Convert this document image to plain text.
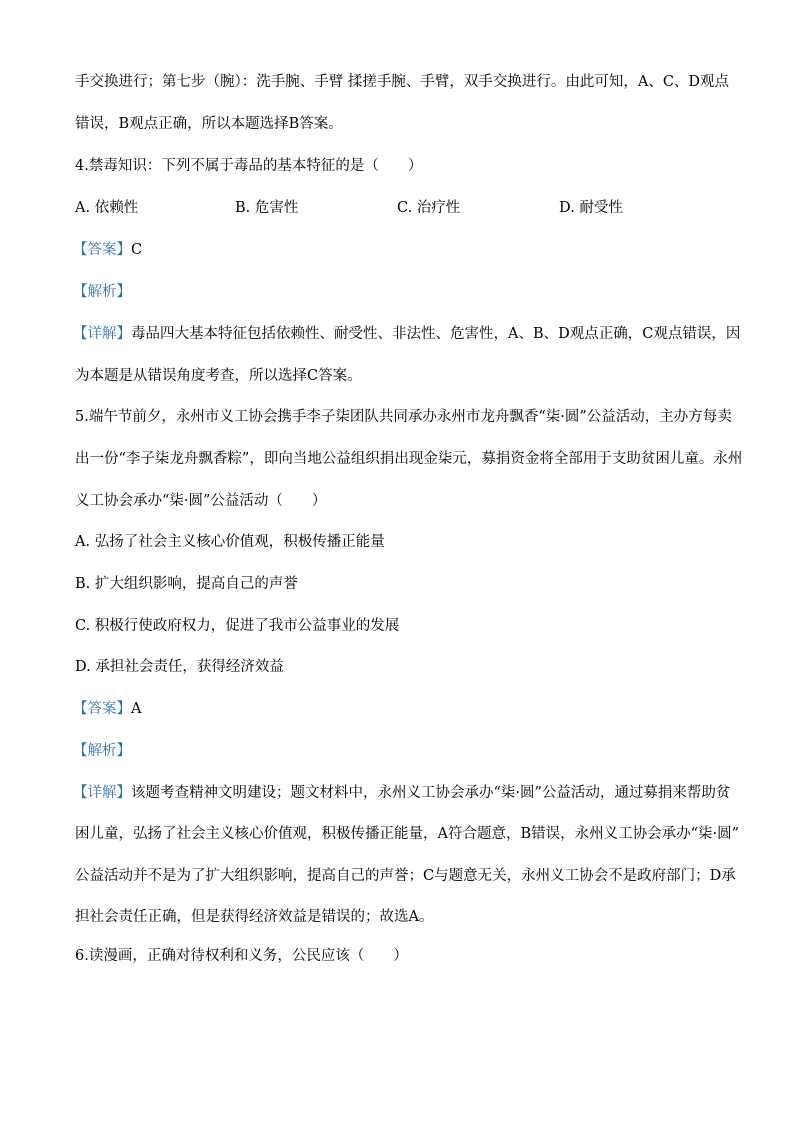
手交换进行；第七步（腕）：洗手腕、手臂 揉搓手腕、手臂，双手交换进行。由此可知，A、C、D观点
错误，B观点正确，所以本题选择B答案。
4.禁毒知识：下列不属于毒品的基本特征的是（　　）
A. 依赖性	B. 危害性	C. 治疗性	D. 耐受性
【答案】C
【解析】
【详解】毒品四大基本特征包括依赖性、耐受性、非法性、危害性，A、B、D观点正确，C观点错误，因
为本题是从错误角度考查，所以选择C答案。
5.端午节前夕，永州市义工协会携手李子柒团队共同承办永州市龙舟飘香“柒·圆”公益活动，主办方每卖
出一份“李子柒龙舟飘香粽”，即向当地公益组织捐出现金柒元，募捐资金将全部用于支助贫困儿童。永州
义工协会承办“柒·圆”公益活动（　　）
A. 弘扬了社会主义核心价值观，积极传播正能量
B. 扩大组织影响，提高自己的声誉
C. 积极行使政府权力，促进了我市公益事业的发展
D. 承担社会责任，获得经济效益
【答案】A
【解析】
【详解】该题考查精神文明建设；题文材料中，永州义工协会承办“柒·圆”公益活动，通过募捐来帮助贫
困儿童，弘扬了社会主义核心价值观，积极传播正能量，A符合题意，B错误，永州义工协会承办“柒·圆”
公益活动并不是为了扩大组织影响，提高自己的声誉；C与题意无关，永州义工协会不是政府部门；D承
担社会责任正确，但是获得经济效益是错误的；故选A。
6.读漫画，正确对待权利和义务，公民应该（　　）
